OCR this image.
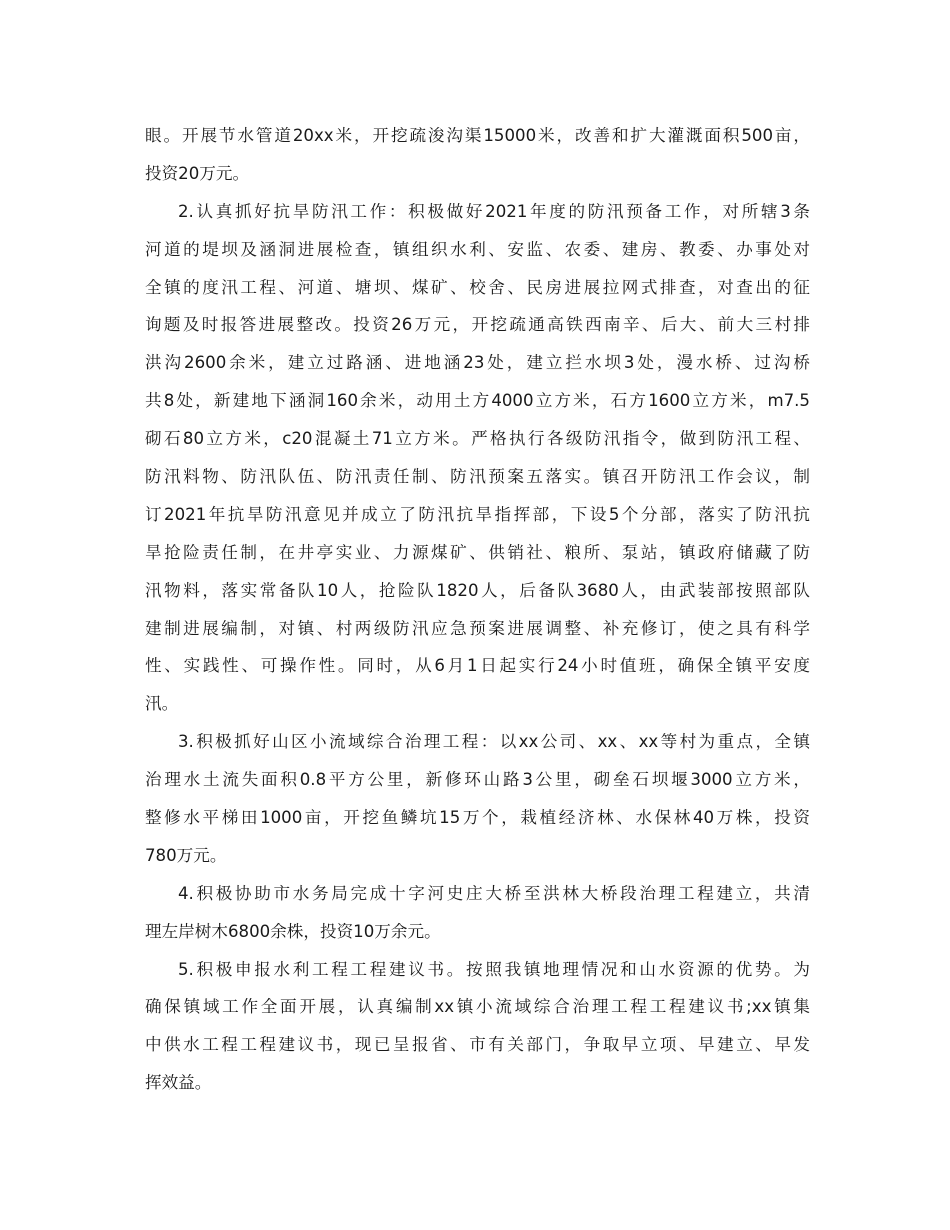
眼。开展节水管道20xx米，开挖疏浚沟渠15000米，改善和扩大灌溉面积500亩，
投资20万元。
2.认真抓好抗旱防汛工作：积极做好2021年度的防汛预备工作，对所辖3条
河道的堤坝及涵洞进展检查，镇组织水利、安监、农委、建房、教委、办事处对
全镇的度汛工程、河道、塘坝、煤矿、校舍、民房进展拉网式排查，对查出的征
询题及时报答进展整改。投资26万元，开挖疏通高铁西南辛、后大、前大三村排
洪沟2600余米，建立过路涵、进地涵23处，建立拦水坝3处，漫水桥、过沟桥
共8处，新建地下涵洞160余米，动用土方4000立方米，石方1600立方米，m7.5
砌石80立方米，c20混凝土71立方米。严格执行各级防汛指令，做到防汛工程、
防汛料物、防汛队伍、防汛责任制、防汛预案五落实。镇召开防汛工作会议，制
订2021年抗旱防汛意见并成立了防汛抗旱指挥部，下设5个分部，落实了防汛抗
旱抢险责任制，在井亭实业、力源煤矿、供销社、粮所、泵站，镇政府储藏了防
汛物料，落实常备队10人，抢险队1820人，后备队3680人，由武装部按照部队
建制进展编制，对镇、村两级防汛应急预案进展调整、补充修订，使之具有科学
性、实践性、可操作性。同时，从6月1日起实行24小时值班，确保全镇平安度
汛。
3.积极抓好山区小流域综合治理工程：以xx公司、xx、xx等村为重点，全镇
治理水土流失面积0.8平方公里，新修环山路3公里，砌垒石坝堰3000立方米，
整修水平梯田1000亩，开挖鱼鳞坑15万个，栽植经济林、水保林40万株，投资
780万元。
4.积极协助市水务局完成十字河史庄大桥至洪林大桥段治理工程建立，共清
理左岸树木6800余株，投资10万余元。
5.积极申报水利工程工程建议书。按照我镇地理情况和山水资源的优势。为
确保镇域工作全面开展，认真编制xx镇小流域综合治理工程工程建议书;xx镇集
中供水工程工程建议书，现已呈报省、市有关部门，争取早立项、早建立、早发
挥效益。
